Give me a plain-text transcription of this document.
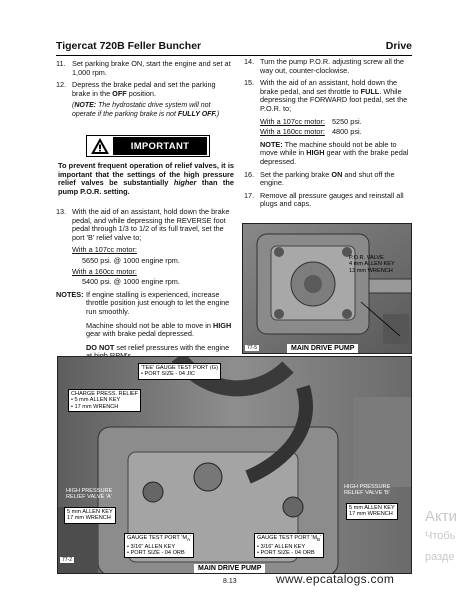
Tigercat 720B Feller Buncher	Drive
11. Set parking brake ON, start the engine and set at 1,000 rpm.
12. Depress the brake pedal and set the parking brake in the OFF position.
(NOTE: The hydrostatic drive system will not operate if the parking brake is not FULLY OFF.)
IMPORTANT
To prevent frequent operation of relief valves, it is important that the settings of the high pressure relief valves be substantially higher than the pump P.O.R. setting.
13. With the aid of an assistant, hold down the brake pedal, and while depressing the REVERSE foot pedal through 1/3 to 1/2 of its full travel, set the port 'B' relief valve to;
With a 107cc motor:
5650 psi. @ 1000 engine rpm.
With a 160cc motor:
5400 psi. @ 1000 engine rpm.
NOTES: If engine stalling is experienced, increase throttle position just enough to let the engine run smoothly.

Machine should not be able to move in HIGH gear with brake pedal depressed.

DO NOT set relief pressures with the engine

14. Turn the pump P.O.R. adjusting screw all the way out, counter-clockwise.
15. With the aid of an assistant, hold down the brake pedal, and set throttle to FULL. While depressing the FORWARD foot pedal, set the P.O.R. to;
With a 107cc motor: 5250 psi.
With a 160cc motor: 4800 psi.
NOTE: The machine should not be able to move while in HIGH gear with the brake pedal depressed.
16. Set the parking brake ON and shut off the engine.
17. Remove all pressure gauges and reinstall all plugs and caps.
P.O.R. VALVE
4 mm ALLEN KEY
13 mm WRENCH
77-5	MAIN DRIVE PUMP
'TEE' GAUGE TEST PORT (G)
• PORT SIZE - 04 JIC
CHARGE PRESS. RELIEF
• 5 mm ALLEN KEY
• 17 mm WRENCH
HIGH PRESSURE
RELIEF VALVE 'A'
5 mm ALLEN KEY
17 mm WRENCH
HIGH PRESSURE
RELIEF VALVE 'B'
5 mm ALLEN KEY
17 mm WRENCH
GAUGE TEST PORT '$M_A$'
• 3/16" ALLEN KEY
• PORT SIZE - 04 ORB
GAUGE TEST PORT '$M_B$'
• 3/16" ALLEN KEY
• PORT SIZE - 04 ORB
77-2
MAIN DRIVE PUMP
8.13	www.epcatalogs.com
Акти
Чтобь
разде
